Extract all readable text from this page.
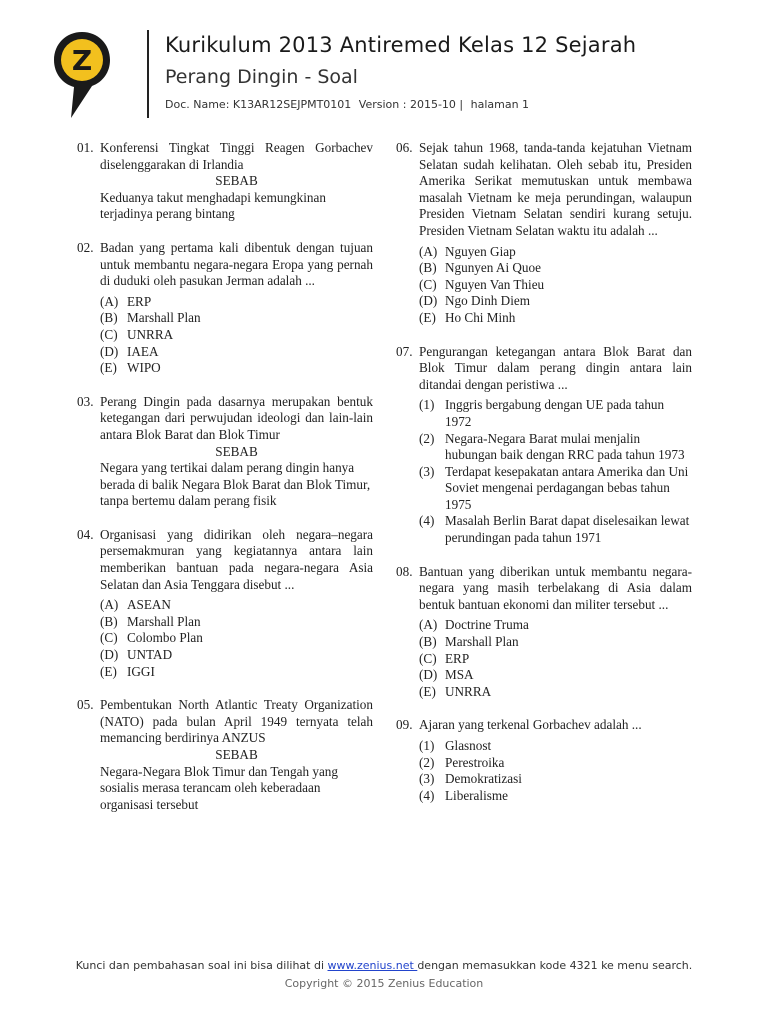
Z	Kurikulum 2013 Antiremed Kelas 12 Sejarah
Perang Dingin - Soal
Doc. Name: K13AR12SEJPMT0101 Version : 2015-10 | halaman 1
01. Konferensi Tingkat Tinggi Reagen Gorbachev diselenggarakan di Irlandia
SEBAB
Keduanya takut menghadapi kemungkinan terjadinya perang bintang
02. Badan yang pertama kali dibentuk dengan tujuan untuk membantu negara-negara Eropa yang pernah di duduki oleh pasukan Jerman adalah ...
(A) ERP
(B) Marshall Plan
(C) UNRRA
(D) IAEA
(E) WIPO
03. Perang Dingin pada dasarnya merupakan bentuk ketegangan dari perwujudan ideologi dan lain-lain antara Blok Barat dan Blok Timur
SEBAB
Negara yang tertikai dalam perang dingin hanya berada di balik Negara Blok Barat dan Blok Timur, tanpa bertemu dalam perang fisik
04. Organisasi yang didirikan oleh negara–negara persemakmuran yang kegiatannya antara lain memberikan bantuan pada negara-negara Asia Selatan dan Asia Tenggara disebut ...
(A) ASEAN
(B) Marshall Plan
(C) Colombo Plan
(D) UNTAD
(E) IGGI
05. Pembentukan North Atlantic Treaty Organization (NATO) pada bulan April 1949 ternyata telah memancing berdirinya ANZUS
SEBAB
Negara-Negara Blok Timur dan Tengah yang sosialis merasa terancam oleh keberadaan organisasi tersebut
06. Sejak tahun 1968, tanda-tanda kejatuhan Vietnam Selatan sudah kelihatan. Oleh sebab itu, Presiden Amerika Serikat memutuskan untuk membawa masalah Vietnam ke meja perundingan, walaupun Presiden Vietnam Selatan sendiri kurang setuju. Presiden Vietnam Selatan waktu itu adalah ...
(A) Nguyen Giap
(B) Ngunyen Ai Quoe
(C) Nguyen Van Thieu
(D) Ngo Dinh Diem
(E) Ho Chi Minh
07. Pengurangan ketegangan antara Blok Barat dan Blok Timur dalam perang dingin antara lain ditandai dengan peristiwa ...
(1) Inggris bergabung dengan UE pada tahun 1972
(2) Negara-Negara Barat mulai menjalin hubungan baik dengan RRC pada tahun 1973
(3) Terdapat kesepakatan antara Amerika dan Uni Soviet mengenai perdagangan bebas tahun 1975
(4) Masalah Berlin Barat dapat diselesaikan lewat perundingan pada tahun 1971
08. Bantuan yang diberikan untuk membantu negara-negara yang masih terbelakang di Asia dalam bentuk bantuan ekonomi dan militer tersebut ...
(A) Doctrine Truma
(B) Marshall Plan
(C) ERP
(D) MSA
(E) UNRRA
09. Ajaran yang terkenal Gorbachev adalah ...
(1) Glasnost
(2) Perestroika
(3) Demokratizasi
(4) Liberalisme
Kunci dan pembahasan soal ini bisa dilihat di www.zenius.net dengan memasukkan kode 4321 ke menu search.
Copyright © 2015 Zenius Education
